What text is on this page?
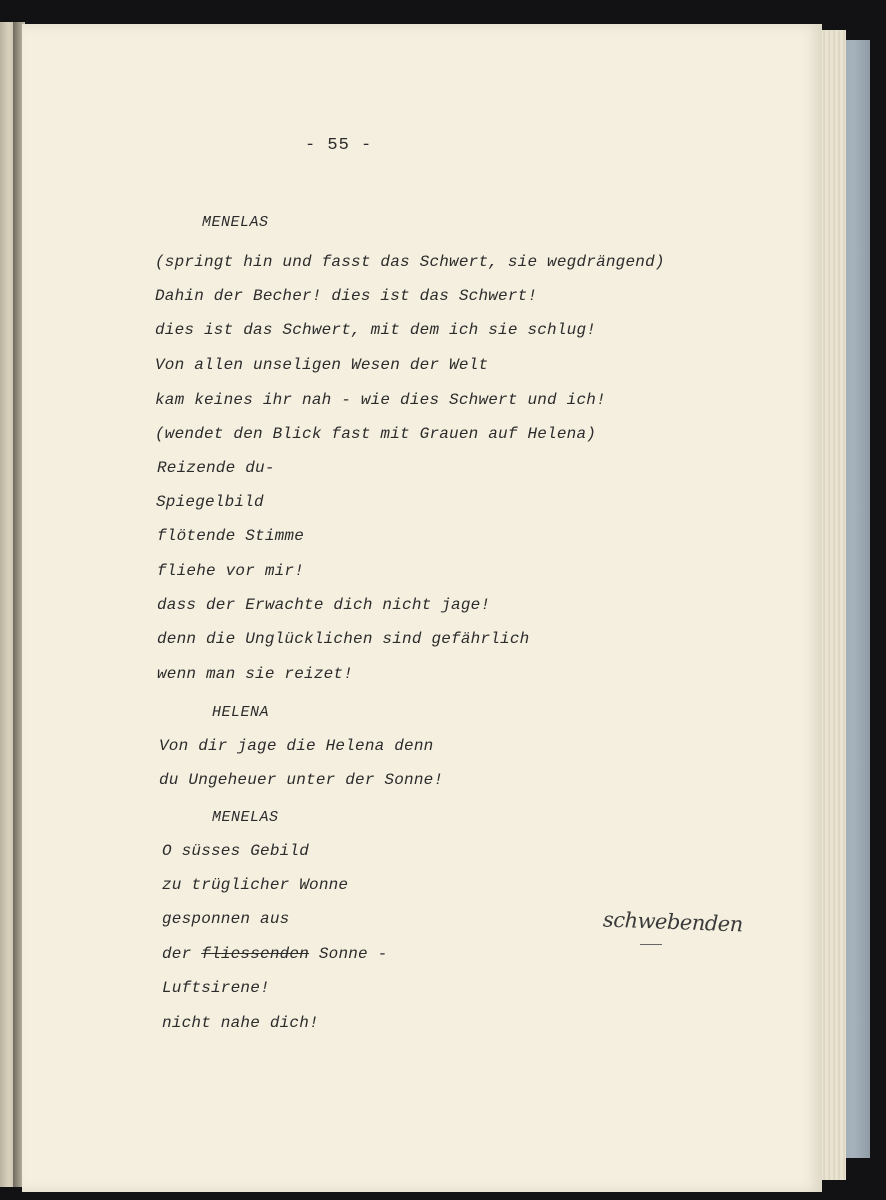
- 55 -
MENELAS
(springt hin und fasst das Schwert, sie wegdrängend)
Dahin der Becher! dies ist das Schwert!
dies ist das Schwert, mit dem ich sie schlug!
Von allen unseligen Wesen der Welt
kam keines ihr nah - wie dies Schwert und ich!
(wendet den Blick fast mit Grauen auf Helena)
Reizende du-
Spiegelbild
flötende Stimme
fliehe vor mir!
dass der Erwachte dich nicht jage!
denn die Unglücklichen sind gefährlich
wenn man sie reizet!
HELENA
Von dir jage die Helena denn
du Ungeheuer unter der Sonne!
MENELAS
O süsses Gebild
zu trüglicher Wonne
gesponnen aus
der fliessenden Sonne -
Luftsirene!
nicht nahe dich!
schwebenden
